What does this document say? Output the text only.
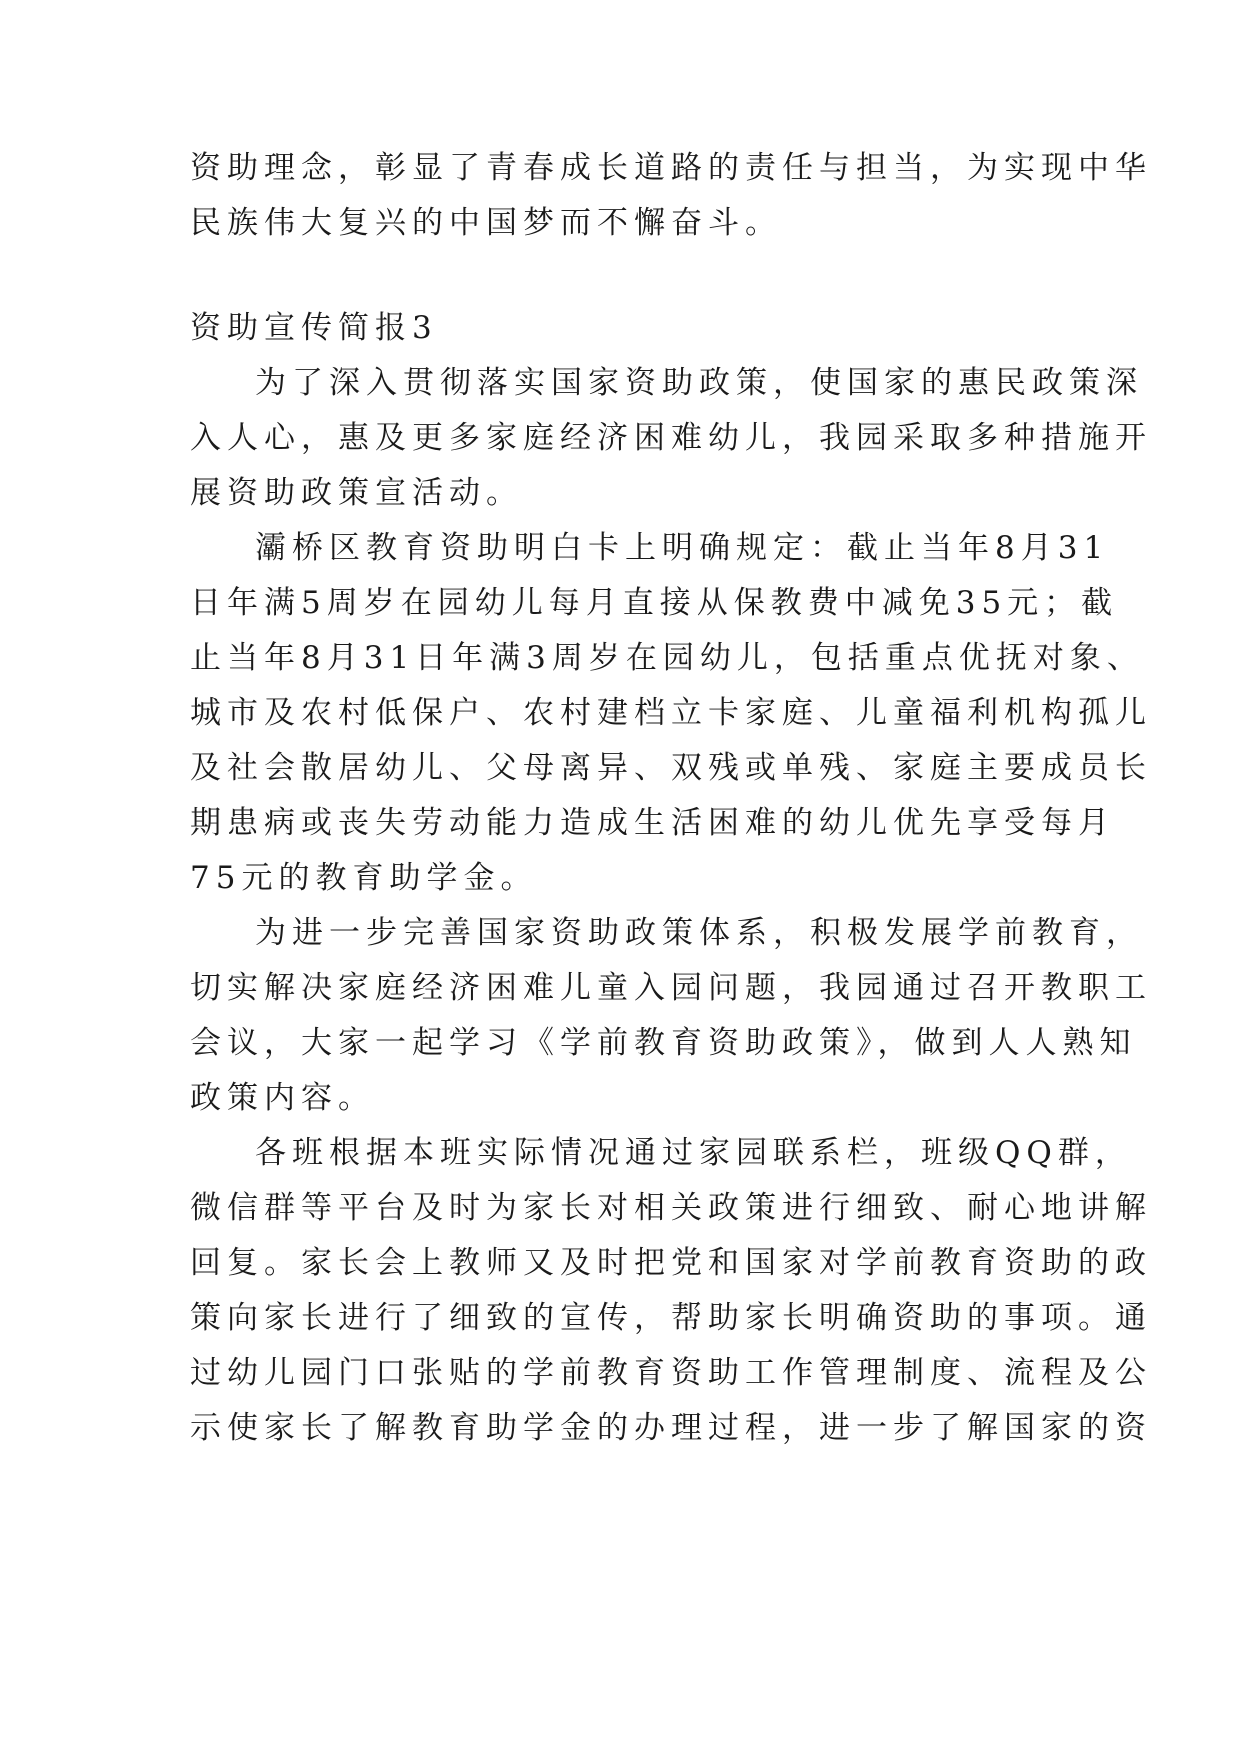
资助理念，彰显了青春成长道路的责任与担当，为实现中华
民族伟大复兴的中国梦而不懈奋斗。
资助宣传简报3
为了深入贯彻落实国家资助政策，使国家的惠民政策深
入人心，惠及更多家庭经济困难幼儿，我园采取多种措施开
展资助政策宣活动。
灞桥区教育资助明白卡上明确规定：截止当年8月31
日年满5周岁在园幼儿每月直接从保教费中减免35元；截
止当年8月31日年满3周岁在园幼儿，包括重点优抚对象、
城市及农村低保户、农村建档立卡家庭、儿童福利机构孤儿
及社会散居幼儿、父母离异、双残或单残、家庭主要成员长
期患病或丧失劳动能力造成生活困难的幼儿优先享受每月
75元的教育助学金。
为进一步完善国家资助政策体系，积极发展学前教育，
切实解决家庭经济困难儿童入园问题，我园通过召开教职工
会议，大家一起学习《学前教育资助政策》，做到人人熟知
政策内容。
各班根据本班实际情况通过家园联系栏，班级QQ群，
微信群等平台及时为家长对相关政策进行细致、耐心地讲解
回复。家长会上教师又及时把党和国家对学前教育资助的政
策向家长进行了细致的宣传，帮助家长明确资助的事项。通
过幼儿园门口张贴的学前教育资助工作管理制度、流程及公
示使家长了解教育助学金的办理过程，进一步了解国家的资
